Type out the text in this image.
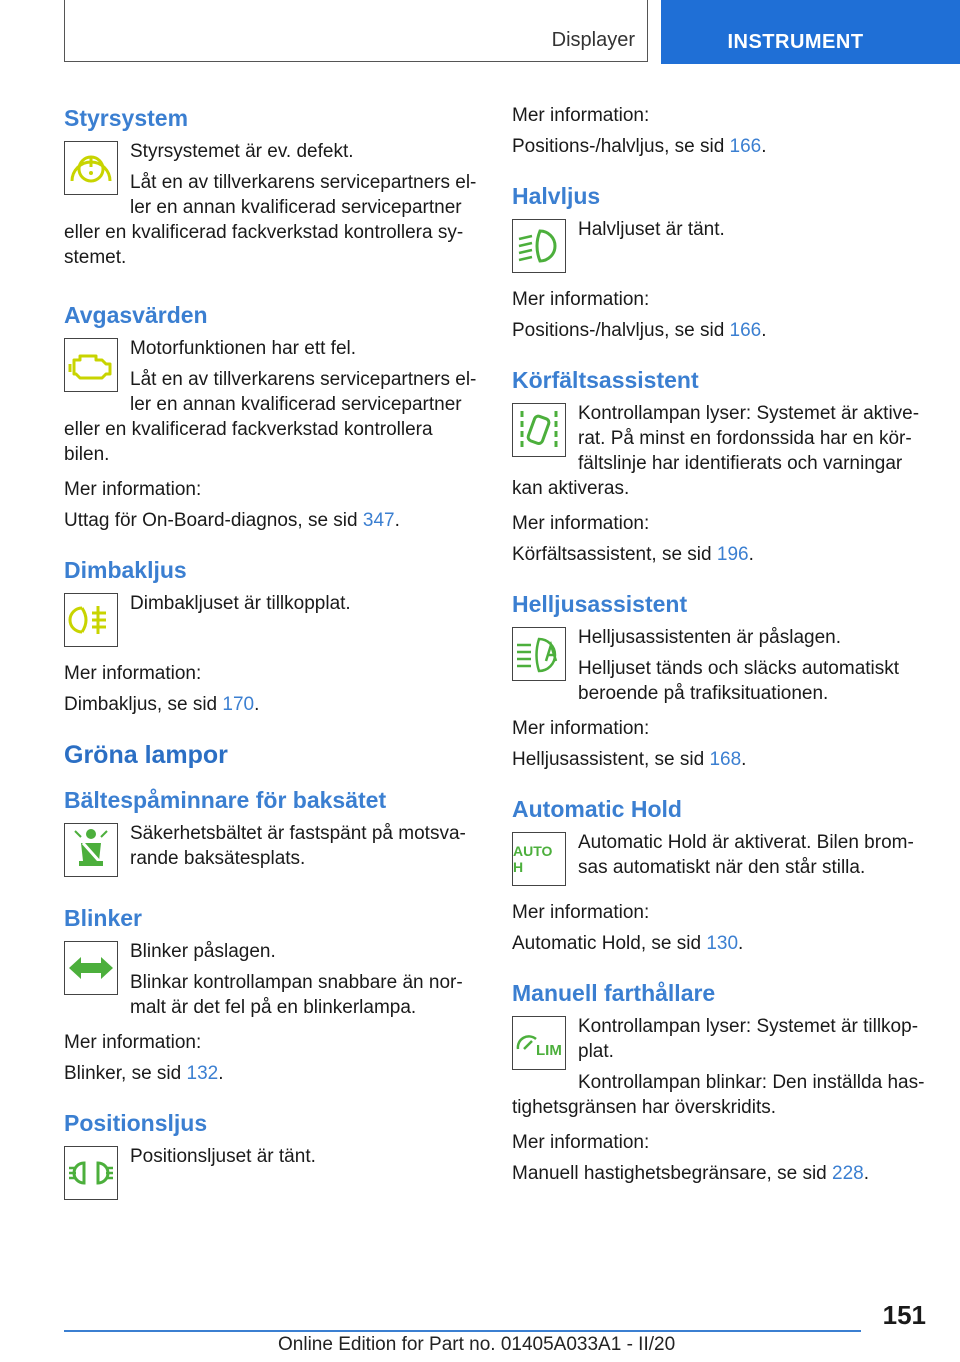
Displayer	INSTRUMENT
Styrsystem

Styrsystemet är ev. defekt.

Låt en av tillverkarens servicepartners el-
ler en annan kvalificerad servicepartner

eller en kvalificerad fackverkstad kontrollera sy-
stemet.

Avgasvärden

Motorfunktionen har ett fel.

Låt en av tillverkarens servicepartners el-
ler en annan kvalificerad servicepartner

eller en kvalificerad fackverkstad kontrollera bilen.

Mer information:

Uttag för On-Board-diagnos, se sid 347.

Dimbakljus

Dimbakljuset är tillkopplat.

Mer information:

Dimbakljus, se sid 170.

Gröna lampor
Bältespåminnare för baksätet

Säkerhetsbältet är fastspänt på motsva-
rande baksätesplats.

Blinker

Blinker påslagen.

Blinkar kontrollampan snabbare än nor-
malt är det fel på en blinkerlampa.

Mer information:

Blinker, se sid 132.

Positionsljus

Positionsljuset är tänt.

Mer information:

Positions-/halvljus, se sid 166.

Halvljus

Halvljuset är tänt.

Mer information:

Positions-/halvljus, se sid 166.

Körfältsassistent

Kontrollampan lyser: Systemet är aktive-
rat. På minst en fordonssida har en kör-
fältslinje har identifierats och varningar
kan aktiveras.

Mer information:

Körfältsassistent, se sid 196.

Helljusassistent

Helljusassistenten är påslagen.

Helljuset tänds och släcks automatiskt
beroende på trafiksituationen.

Mer information:

Helljusassistent, se sid 168.

Automatic Hold
AUTO H

Automatic Hold är aktiverat. Bilen brom-
sas automatiskt när den står stilla.

Mer information:

Automatic Hold, se sid 130.

Manuell farthållare
LIM

Kontrollampan lyser: Systemet är tillkop-
plat.

Kontrollampan blinkar: Den inställda has-
tighetsgränsen har överskridits.

Mer information:

Manuell hastighetsbegränsare, se sid 228.

151
Online Edition for Part no. 01405A033A1 - II/20
